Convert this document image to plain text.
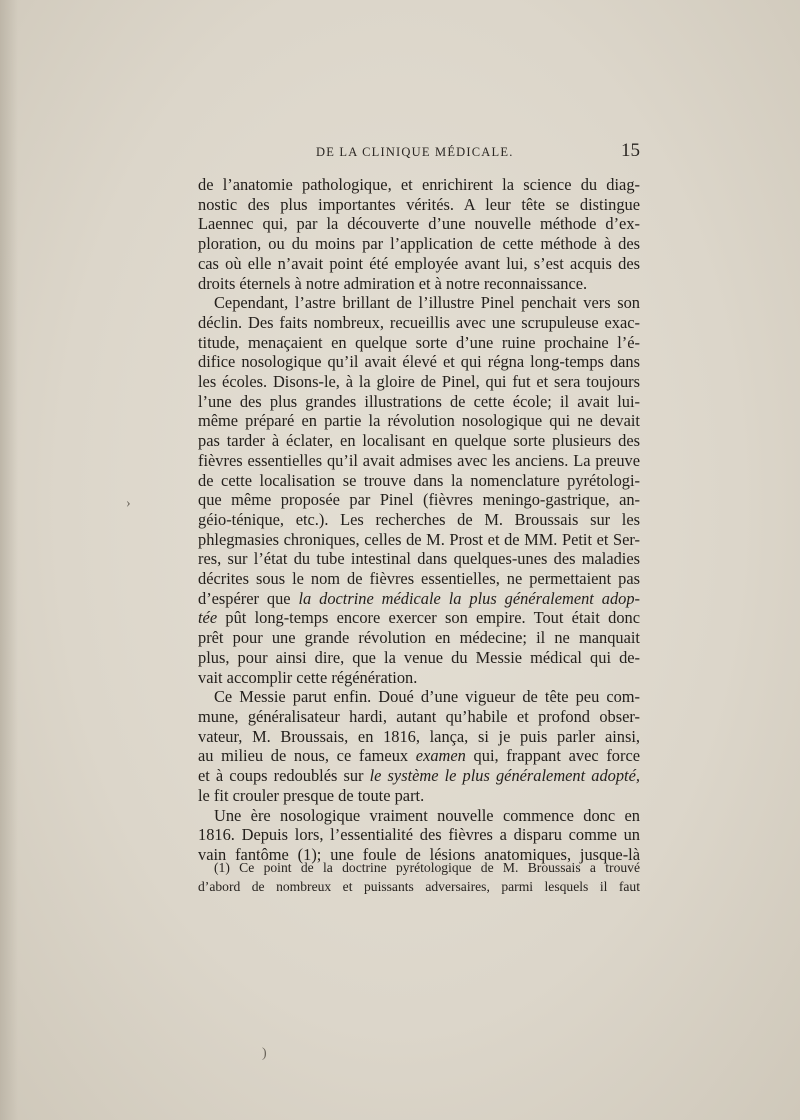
DE LA CLINIQUE MÉDICALE.	15
de l’anatomie pathologique, et enrichirent la science du diag-
nostic des plus importantes vérités. A leur tête se distingue
Laennec qui, par la découverte d’une nouvelle méthode d’ex-
ploration, ou du moins par l’application de cette méthode à des
cas où elle n’avait point été employée avant lui, s’est acquis des
droits éternels à notre admiration et à notre reconnaissance.
Cependant, l’astre brillant de l’illustre Pinel penchait vers son
déclin. Des faits nombreux, recueillis avec une scrupuleuse exac-
titude, menaçaient en quelque sorte d’une ruine prochaine l’é-
difice nosologique qu’il avait élevé et qui régna long-temps dans
les écoles. Disons-le, à la gloire de Pinel, qui fut et sera toujours
l’une des plus grandes illustrations de cette école; il avait lui-
même préparé en partie la révolution nosologique qui ne devait
pas tarder à éclater, en localisant en quelque sorte plusieurs des
fièvres essentielles qu’il avait admises avec les anciens. La preuve
de cette localisation se trouve dans la nomenclature pyrétologi-
que même proposée par Pinel (fièvres meningo-gastrique, an-
géio-ténique, etc.). Les recherches de M. Broussais sur les
phlegmasies chroniques, celles de M. Prost et de MM. Petit et Ser-
res, sur l’état du tube intestinal dans quelques-unes des maladies
décrites sous le nom de fièvres essentielles, ne permettaient pas
d’espérer que la doctrine médicale la plus généralement adop-
tée pût long-temps encore exercer son empire. Tout était donc
prêt pour une grande révolution en médecine; il ne manquait
plus, pour ainsi dire, que la venue du Messie médical qui de-
vait accomplir cette régénération.
Ce Messie parut enfin. Doué d’une vigueur de tête peu com-
mune, généralisateur hardi, autant qu’habile et profond obser-
vateur, M. Broussais, en 1816, lança, si je puis parler ainsi,
au milieu de nous, ce fameux examen qui, frappant avec force
et à coups redoublés sur le système le plus généralement adopté,
le fit crouler presque de toute part.
Une ère nosologique vraiment nouvelle commence donc en
1816. Depuis lors, l’essentialité des fièvres a disparu comme un
vain fantôme (1); une foule de lésions anatomiques, jusque-là
(1) Ce point de la doctrine pyrétologique de M. Broussais a trouvé
d’abord de nombreux et puissants adversaires, parmi lesquels il faut
›
)
